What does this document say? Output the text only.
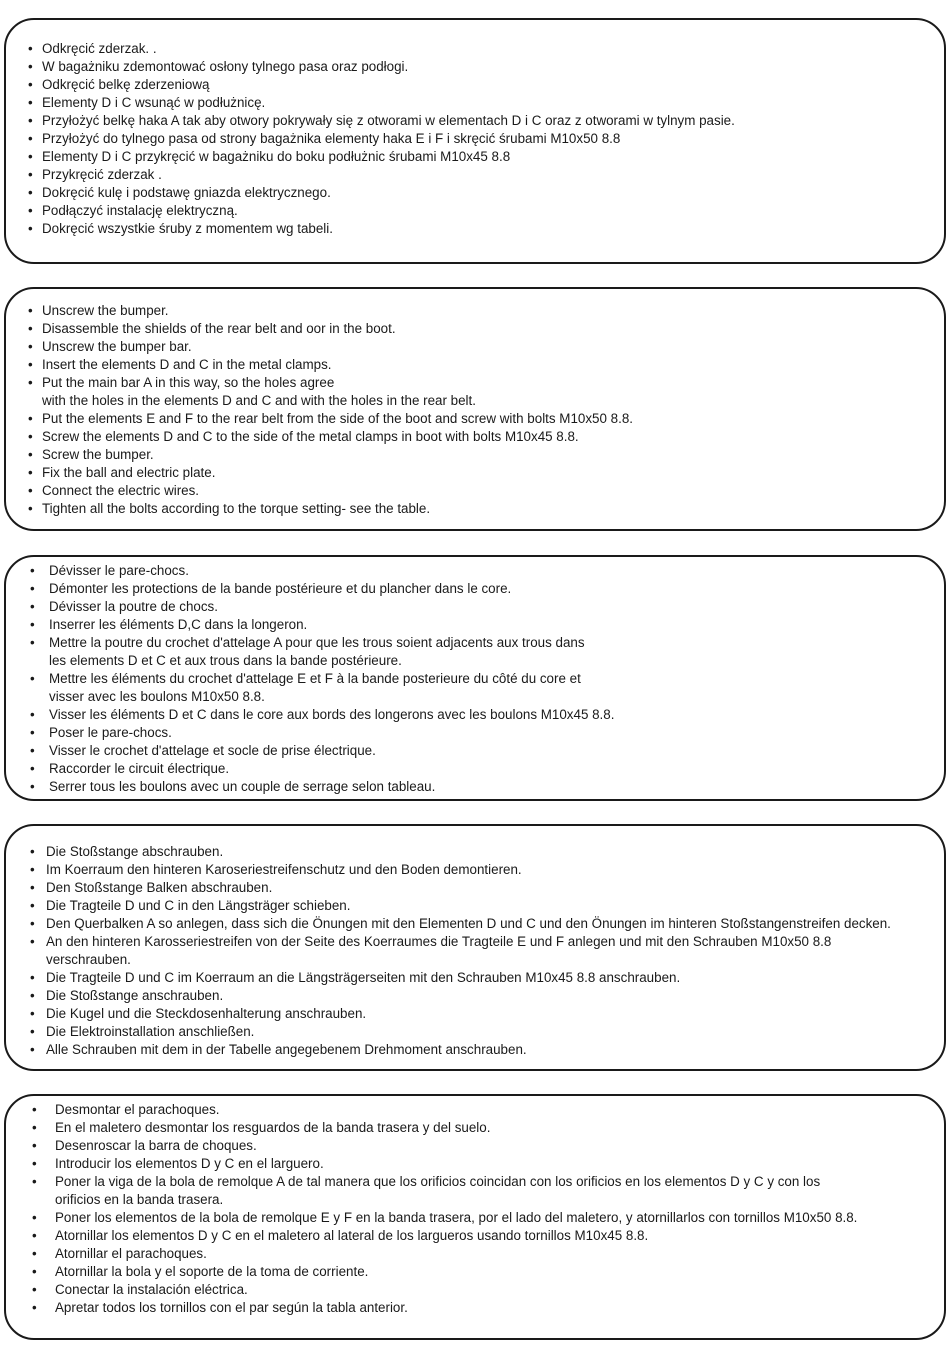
• Odkręcić zderzak. .
• W bagażniku zdemontować osłony tylnego pasa oraz podłogi.
• Odkręcić belkę zderzeniową
• Elementy D i C wsunąć w podłużnicę.
• Przyłożyć belkę haka A tak aby otwory pokrywały się z otworami w elementach D i C oraz z otworami w tylnym pasie.
• Przyłożyć do tylnego pasa od strony bagażnika elementy haka E i F i skręcić śrubami M10x50 8.8
• Elementy D i C przykręcić w bagażniku do boku podłużnic śrubami M10x45 8.8
• Przykręcić zderzak .
• Dokręcić kulę i podstawę gniazda elektrycznego.
• Podłączyć instalację elektryczną.
• Dokręcić wszystkie śruby z momentem wg tabeli.
• Unscrew the bumper.
• Disassemble the shields of the rear belt and oor in the boot.
• Unscrew the bumper bar.
• Insert the elements D and C in the metal clamps.
• Put the main bar A in this way, so the holes agree
with the holes in the elements D and C and with the holes in the rear belt.
• Put the elements E and F to the rear belt from the side of the boot and screw with bolts M10x50 8.8.
• Screw the elements D and C to the side of the metal clamps in boot with bolts M10x45 8.8.
• Screw the bumper.
• Fix the ball and electric plate.
• Connect the electric wires.
• Tighten all the bolts according to the torque setting- see the table.
• Dévisser le pare-chocs.
• Démonter les protections de la bande postérieure et du plancher dans le core.
• Dévisser la poutre de chocs.
• Inserrer les éléments D,C dans la longeron.
• Mettre la poutre du crochet d'attelage A pour que les trous soient adjacents aux trous dans
les elements D et C et aux trous dans la bande postérieure.
• Mettre les éléments du crochet d'attelage E et F à la bande posterieure du côté du core et
visser avec les boulons M10x50 8.8.
• Visser les éléments D et C dans le core aux bords des longerons avec les boulons M10x45 8.8.
• Poser le pare-chocs.
• Visser le crochet d'attelage et socle de prise électrique.
• Raccorder le circuit électrique.
• Serrer tous les boulons avec un couple de serrage selon tableau.
• Die Stoßstange abschrauben.
• Im Koerraum den hinteren Karoseriestreifenschutz und den Boden demontieren.
• Den Stoßstange Balken abschrauben.
• Die Tragteile D und C in den Längsträger schieben.
• Den Querbalken A so anlegen, dass sich die Önungen mit den Elementen D und C und den Önungen im hinteren Stoßstangenstreifen decken.
• An den hinteren Karosseriestreifen von der Seite des Koerraumes die Tragteile E und F anlegen und mit den Schrauben M10x50 8.8
verschrauben.
• Die Tragteile D und C im Koerraum an die Längsträgerseiten mit den Schrauben M10x45 8.8 anschrauben.
• Die Stoßstange anschrauben.
• Die Kugel und die Steckdosenhalterung anschrauben.
• Die Elektroinstallation anschließen.
• Alle Schrauben mit dem in der Tabelle angegebenem Drehmoment anschrauben.
• Desmontar el parachoques.
• En el maletero desmontar los resguardos de la banda trasera y del suelo.
• Desenroscar la barra de choques.
• Introducir los elementos D y C en el larguero.
• Poner la viga de la bola de remolque A de tal manera que los orificios coincidan con los orificios en los elementos D y C y con los
orificios en la banda trasera.
• Poner los elementos de la bola de remolque E y F en la banda trasera, por el lado del maletero, y atornillarlos con tornillos M10x50 8.8.
• Atornillar los elementos D y C en el maletero al lateral de los largueros usando tornillos M10x45 8.8.
• Atornillar el parachoques.
• Atornillar la bola y el soporte de la toma de corriente.
• Conectar la instalación eléctrica.
• Apretar todos los tornillos con el par según la tabla anterior.
